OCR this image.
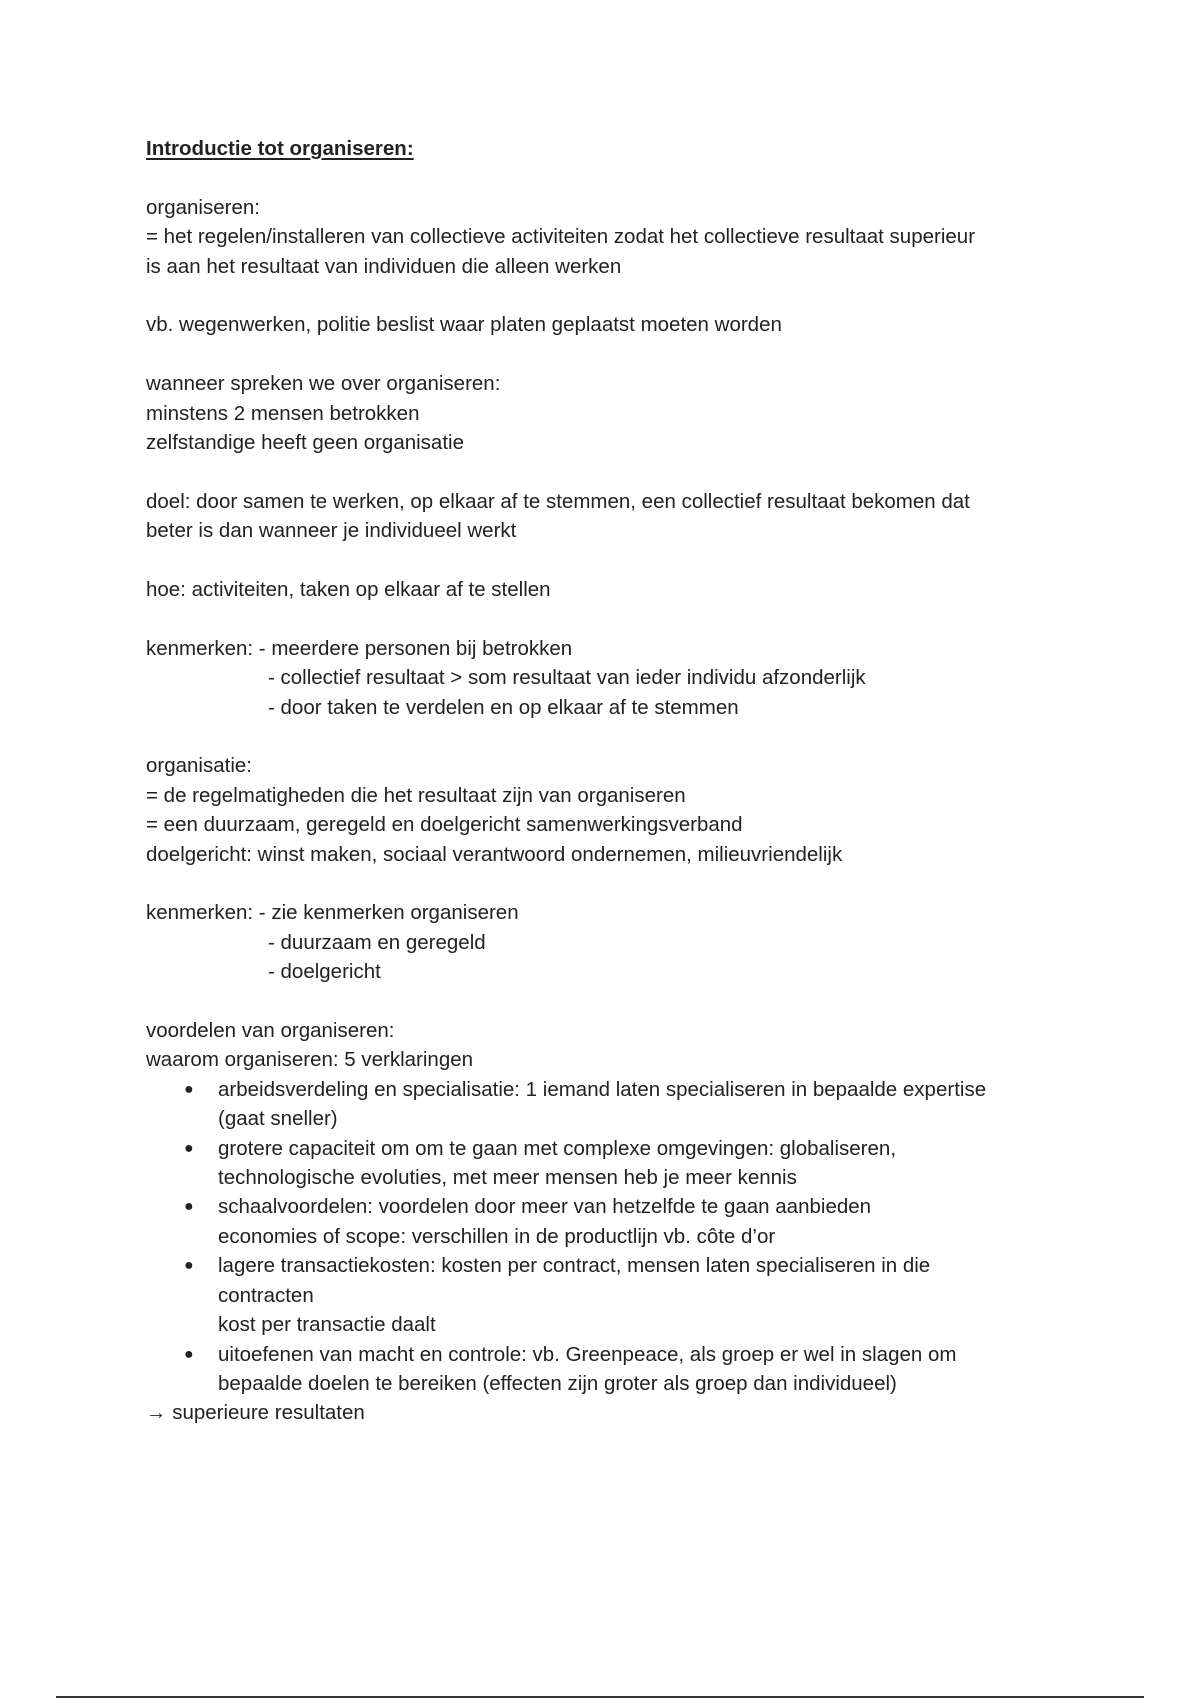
Introductie tot organiseren:
organiseren:
= het regelen/installeren van collectieve activiteiten zodat het collectieve resultaat superieur
is aan het resultaat van individuen die alleen werken
vb. wegenwerken, politie beslist waar platen geplaatst moeten worden
wanneer spreken we over organiseren:
minstens 2 mensen betrokken
zelfstandige heeft geen organisatie
doel: door samen te werken, op elkaar af te stemmen, een collectief resultaat bekomen dat
beter is dan wanneer je individueel werkt
hoe: activiteiten, taken op elkaar af te stellen
kenmerken: - meerdere personen bij betrokken
- collectief resultaat > som resultaat van ieder individu afzonderlijk
- door taken te verdelen en op elkaar af te stemmen
organisatie:
= de regelmatigheden die het resultaat zijn van organiseren
= een duurzaam, geregeld en doelgericht samenwerkingsverband
doelgericht: winst maken, sociaal verantwoord ondernemen, milieuvriendelijk
kenmerken: - zie kenmerken organiseren
- duurzaam en geregeld
- doelgericht
voordelen van organiseren:
waarom organiseren: 5 verklaringen
● arbeidsverdeling en specialisatie: 1 iemand laten specialiseren in bepaalde expertise
(gaat sneller)
● grotere capaciteit om om te gaan met complexe omgevingen: globaliseren,
technologische evoluties, met meer mensen heb je meer kennis
● schaalvoordelen: voordelen door meer van hetzelfde te gaan aanbieden
economies of scope: verschillen in de productlijn vb. côte d’or
● lagere transactiekosten: kosten per contract, mensen laten specialiseren in die
contracten
kost per transactie daalt
● uitoefenen van macht en controle: vb. Greenpeace, als groep er wel in slagen om
bepaalde doelen te bereiken (effecten zijn groter als groep dan individueel)
→ superieure resultaten
